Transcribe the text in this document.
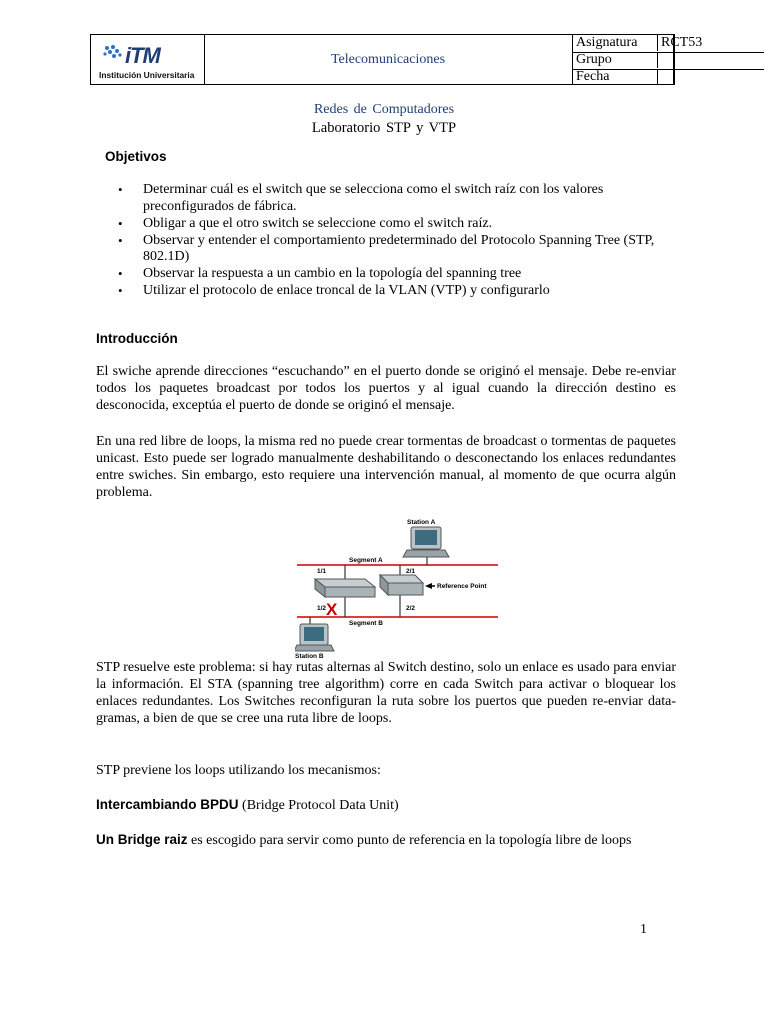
iTM
Institución Universitaria
Telecomunicaciones
Asignatura	RCT53
Grupo
Fecha
Redes de Computadores
Laboratorio STP y VTP
Objetivos
• Determinar cuál es el switch que se selecciona como el switch raíz con los valores preconfigurados de fábrica.
• Obligar a que el otro switch se seleccione como el switch raíz.
• Observar y entender el comportamiento predeterminado del Protocolo Spanning Tree (STP, 802.1D)
• Observar la respuesta a un cambio en la topología del spanning tree
• Utilizar el protocolo de enlace troncal de la VLAN (VTP) y configurarlo
Introducción

El swiche aprende direcciones “escuchando” en el puerto donde se originó el mensaje. Debe re-enviar todos los paquetes broadcast por todos los puertos y al igual cuando la dirección destino es desconocida, exceptúa el puerto de donde se originó el mensaje.

En una red libre de loops, la misma red no puede crear tormentas de broadcast o tormentas de paquetes unicast. Esto puede ser logrado manualmente deshabilitando o desconectando los enlaces redundantes entre swiches. Sin embargo, esto requiere una intervención manual, al momento de que ocurra algún problema.

Station A
Station B
X
Segment A
Segment B
Reference Point
1/1
1/2
2/1
2/2

STP resuelve este problema: si hay rutas alternas al Switch destino, solo un enlace es usado para enviar la información. El STA (spanning tree algorithm) corre en cada Switch para activar o bloquear los enlaces redundantes. Los Switches reconfiguran la ruta sobre los puertos que pueden re-enviar data- gramas, a bien de que se cree una ruta libre de loops.

STP previene los loops utilizando los mecanismos:

Intercambiando BPDU (Bridge Protocol Data Unit)

Un Bridge raiz es escogido para servir como punto de referencia en la topología libre de loops

1
